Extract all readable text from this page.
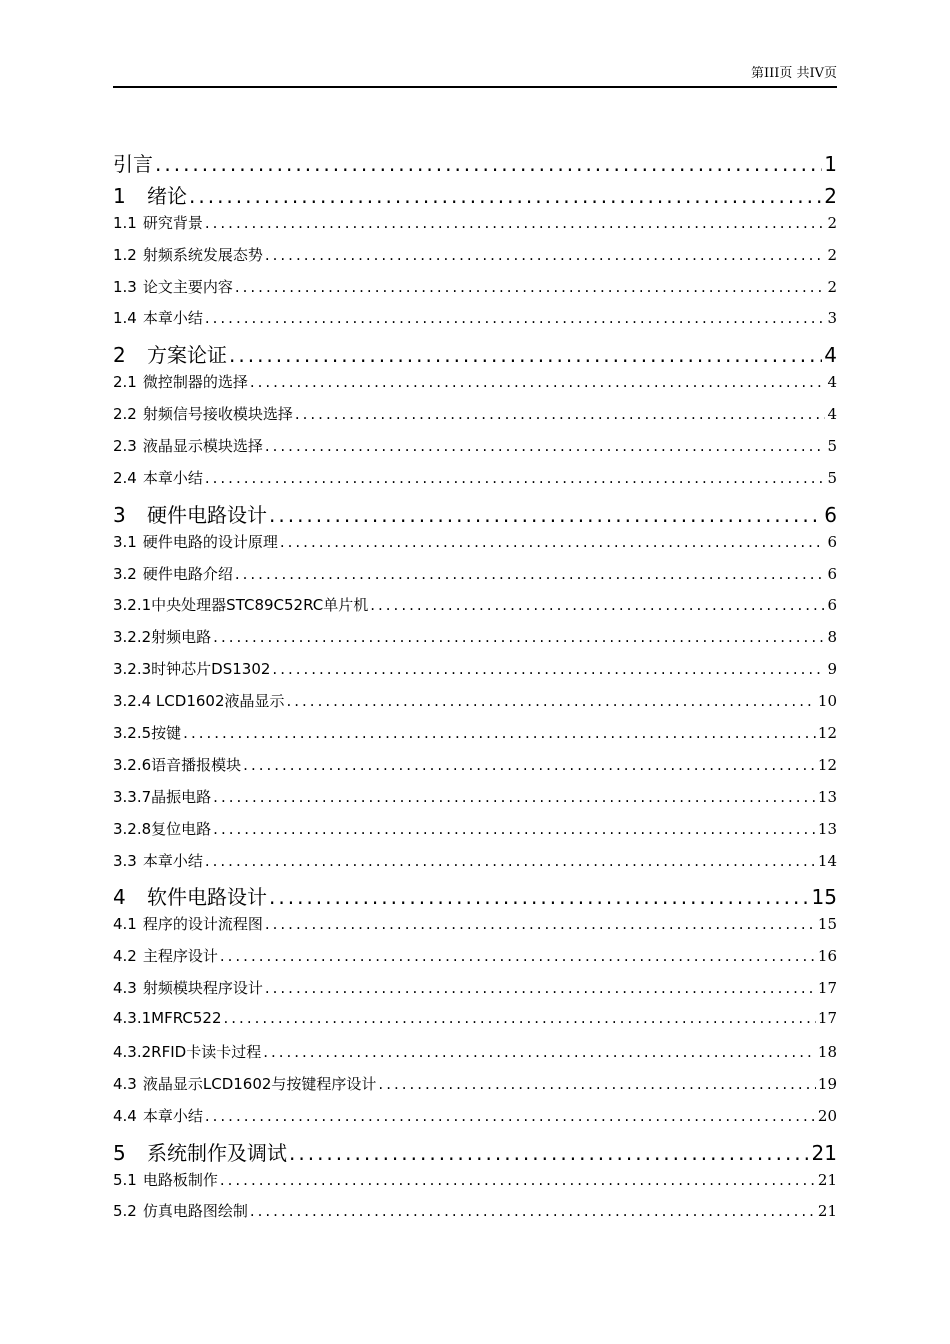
第III页 共IV页
引言 .....	1
1	绪论 .....	2
1.1 研究背景 .....	2
1.2 射频系统发展态势 .....	2
1.3 论文主要内容 .....	2
1.4 本章小结 .....	3
2	方案论证 .....	4
2.1 微控制器的选择 .....	4
2.2 射频信号接收模块选择 .....	4
2.3 液晶显示模块选择 .....	5
2.4 本章小结 .....	5
3	硬件电路设计 .....	6
3.1 硬件电路的设计原理 .....	6
3.2 硬件电路介绍 .....	6
3.2.1中央处理器STC89C52RC单片机 .....	6
3.2.2射频电路 .....	8
3.2.3时钟芯片DS1302 .....	9
3.2.4 LCD1602液晶显示 .....	10
3.2.5按键 .....	12
3.2.6语音播报模块 .....	12
3.3.7晶振电路 .....	13
3.2.8复位电路 .....	13
3.3 本章小结 .....	14
4	软件电路设计 .....	15
4.1 程序的设计流程图 .....	15
4.2 主程序设计 .....	16
4.3 射频模块程序设计 .....	17
4.3.1MFRC522 .....	17
4.3.2RFID卡读卡过程 .....	18
4.3 液晶显示LCD1602与按键程序设计 .....	19
4.4 本章小结 .....	20
5	系统制作及调试 .....	21
5.1 电路板制作 .....	21
5.2 仿真电路图绘制 .....	21
